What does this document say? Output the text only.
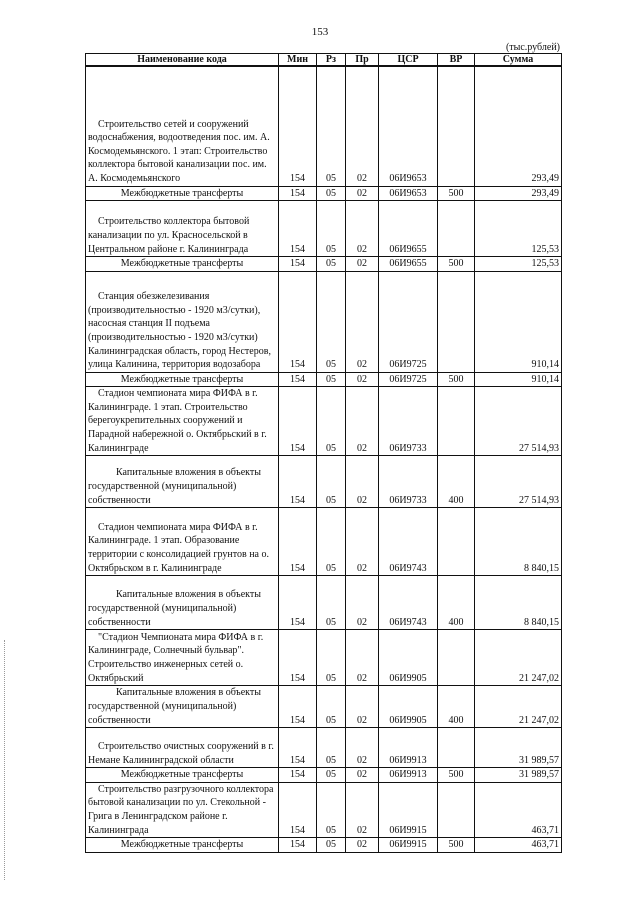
153
(тыс.рублей)
Наименование кода	Мин	Рз	Пр	ЦСР	ВР	Сумма

Строительство сетей и сооружений водоснабжения, водоотведения пос. им. А. Космодемьянского. 1 этап: Строительство коллектора бытовой канализации пос. им. А. Космодемьянского	154	05	02	06И9653		293,49

Межбюджетные трансферты	154	05	02	06И9653	500	293,49

Строительство коллектора бытовой канализации по ул. Красносельской в Центральном районе г. Калининграда	154	05	02	06И9655		125,53

Межбюджетные трансферты	154	05	02	06И9655	500	125,53

Станция обезжелезивания (производительностью - 1920 м3/сутки), насосная станция II подъема (производительностью - 1920 м3/сутки) Калининградская область, город Нестеров, улица Калинина, территория водозабора	154	05	02	06И9725		910,14

Межбюджетные трансферты	154	05	02	06И9725	500	910,14

Стадион чемпионата мира ФИФА в г. Калининграде. 1 этап. Строительство берегоукрепительных сооружений и Парадной набережной о. Октябрьский в г. Калининграде	154	05	02	06И9733		27 514,93

Капитальные вложения в объекты государственной (муниципальной) собственности	154	05	02	06И9733	400	27 514,93

Стадион чемпионата мира ФИФА в г. Калининграде. 1 этап. Образование территории с консолидацией грунтов на о. Октябрьском в г. Калининграде	154	05	02	06И9743		8 840,15

Капитальные вложения в объекты государственной (муниципальной) собственности	154	05	02	06И9743	400	8 840,15

"Стадион Чемпионата мира ФИФА в г. Калининграде, Солнечный бульвар". Строительство инженерных сетей о. Октябрьский	154	05	02	06И9905		21 247,02

Капитальные вложения в объекты государственной (муниципальной) собственности	154	05	02	06И9905	400	21 247,02

Строительство очистных сооружений в г. Немане Калининградской области	154	05	02	06И9913		31 989,57

Межбюджетные трансферты	154	05	02	06И9913	500	31 989,57

Строительство разгрузочного коллектора бытовой канализации по ул. Стекольной - Грига в Ленинградском районе г. Калининграда	154	05	02	06И9915		463,71

Межбюджетные трансферты	154	05	02	06И9915	500	463,71
